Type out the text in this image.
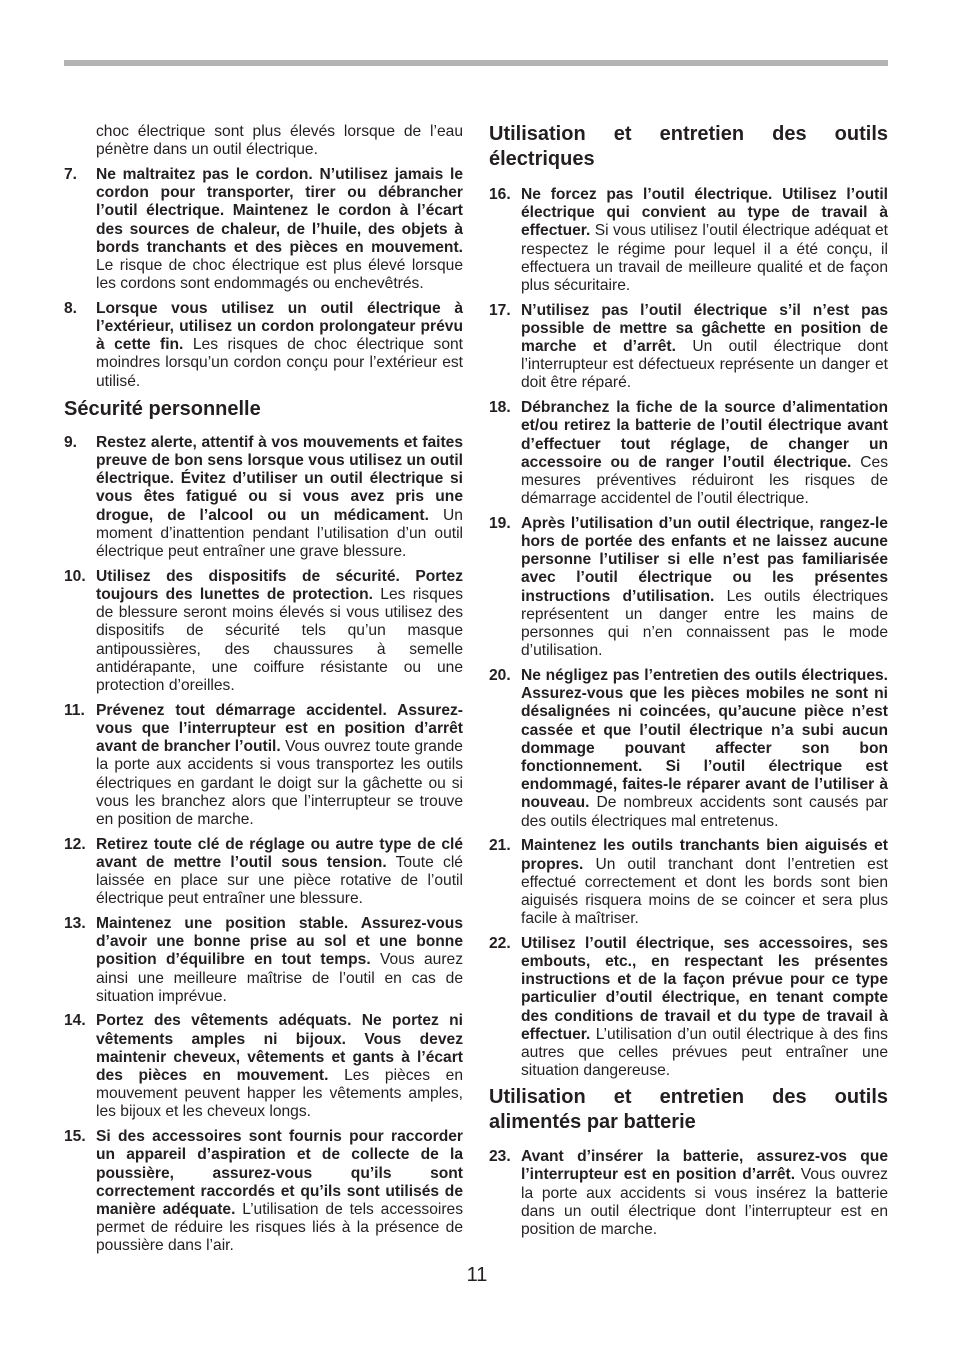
choc électrique sont plus élevés lorsque de l’eau pénètre dans un outil électrique.

7. Ne maltraitez pas le cordon. N’utilisez jamais le cordon pour transporter, tirer ou débrancher l’outil électrique. Maintenez le cordon à l’écart des sources de chaleur, de l’huile, des objets à bords tranchants et des pièces en mouvement. Le risque de choc électrique est plus élevé lorsque les cordons sont endommagés ou enchevêtrés.

8. Lorsque vous utilisez un outil électrique à l’extérieur, utilisez un cordon prolongateur prévu à cette fin. Les risques de choc électrique sont moindres lorsqu’un cordon conçu pour l’extérieur est utilisé.

Sécurité personnelle
9. Restez alerte, attentif à vos mouvements et faites preuve de bon sens lorsque vous utilisez un outil électrique. Évitez d’utiliser un outil électrique si vous êtes fatigué ou si vous avez pris une drogue, de l’alcool ou un médicament. Un moment d’inattention pendant l’utilisation d’un outil électrique peut entraîner une grave blessure.

10. Utilisez des dispositifs de sécurité. Portez toujours des lunettes de protection. Les risques de blessure seront moins élevés si vous utilisez des dispositifs de sécurité tels qu’un masque antipoussières, des chaussures à semelle antidérapante, une coiffure résistante ou une protection d’oreilles.

11. Prévenez tout démarrage accidentel. Assurez-vous que l’interrupteur est en position d’arrêt avant de brancher l’outil. Vous ouvrez toute grande la porte aux accidents si vous transportez les outils électriques en gardant le doigt sur la gâchette ou si vous les branchez alors que l’interrupteur se trouve en position de marche.

12. Retirez toute clé de réglage ou autre type de clé avant de mettre l’outil sous tension. Toute clé laissée en place sur une pièce rotative de l’outil électrique peut entraîner une blessure.

13. Maintenez une position stable. Assurez-vous d’avoir une bonne prise au sol et une bonne position d’équilibre en tout temps. Vous aurez ainsi une meilleure maîtrise de l’outil en cas de situation imprévue.

14. Portez des vêtements adéquats. Ne portez ni vêtements amples ni bijoux. Vous devez maintenir cheveux, vêtements et gants à l’écart des pièces en mouvement. Les pièces en mouvement peuvent happer les vêtements amples, les bijoux et les cheveux longs.

15. Si des accessoires sont fournis pour raccorder un appareil d’aspiration et de collecte de la poussière, assurez-vous qu’ils sont correctement raccordés et qu’ils sont utilisés de manière adéquate. L’utilisation de tels accessoires permet de réduire les risques liés à la présence de poussière dans l’air.

Utilisation et entretien des outils électriques
16. Ne forcez pas l’outil électrique. Utilisez l’outil électrique qui convient au type de travail à effectuer. Si vous utilisez l’outil électrique adéquat et respectez le régime pour lequel il a été conçu, il effectuera un travail de meilleure qualité et de façon plus sécuritaire.

17. N’utilisez pas l’outil électrique s’il n’est pas possible de mettre sa gâchette en position de marche et d’arrêt. Un outil électrique dont l’interrupteur est défectueux représente un danger et doit être réparé.

18. Débranchez la fiche de la source d’alimentation et/ou retirez la batterie de l’outil électrique avant d’effectuer tout réglage, de changer un accessoire ou de ranger l’outil électrique. Ces mesures préventives réduiront les risques de démarrage accidentel de l’outil électrique.

19. Après l’utilisation d’un outil électrique, rangez-le hors de portée des enfants et ne laissez aucune personne l’utiliser si elle n’est pas familiarisée avec l’outil électrique ou les présentes instructions d’utilisation. Les outils électriques représentent un danger entre les mains de personnes qui n’en connaissent pas le mode d’utilisation.

20. Ne négligez pas l’entretien des outils électriques. Assurez-vous que les pièces mobiles ne sont ni désalignées ni coincées, qu’aucune pièce n’est cassée et que l’outil électrique n’a subi aucun dommage pouvant affecter son bon fonctionnement. Si l’outil électrique est endommagé, faites-le réparer avant de l’utiliser à nouveau. De nombreux accidents sont causés par des outils électriques mal entretenus.

21. Maintenez les outils tranchants bien aiguisés et propres. Un outil tranchant dont l’entretien est effectué correctement et dont les bords sont bien aiguisés risquera moins de se coincer et sera plus facile à maîtriser.

22. Utilisez l’outil électrique, ses accessoires, ses embouts, etc., en respectant les présentes instructions et de la façon prévue pour ce type particulier d’outil électrique, en tenant compte des conditions de travail et du type de travail à effectuer. L’utilisation d’un outil électrique à des fins autres que celles prévues peut entraîner une situation dangereuse.

Utilisation et entretien des outils alimentés par batterie
23. Avant d’insérer la batterie, assurez-vos que l’interrupteur est en position d’arrêt. Vous ouvrez la porte aux accidents si vous insérez la batterie dans un outil électrique dont l’interrupteur est en position de marche.

11
